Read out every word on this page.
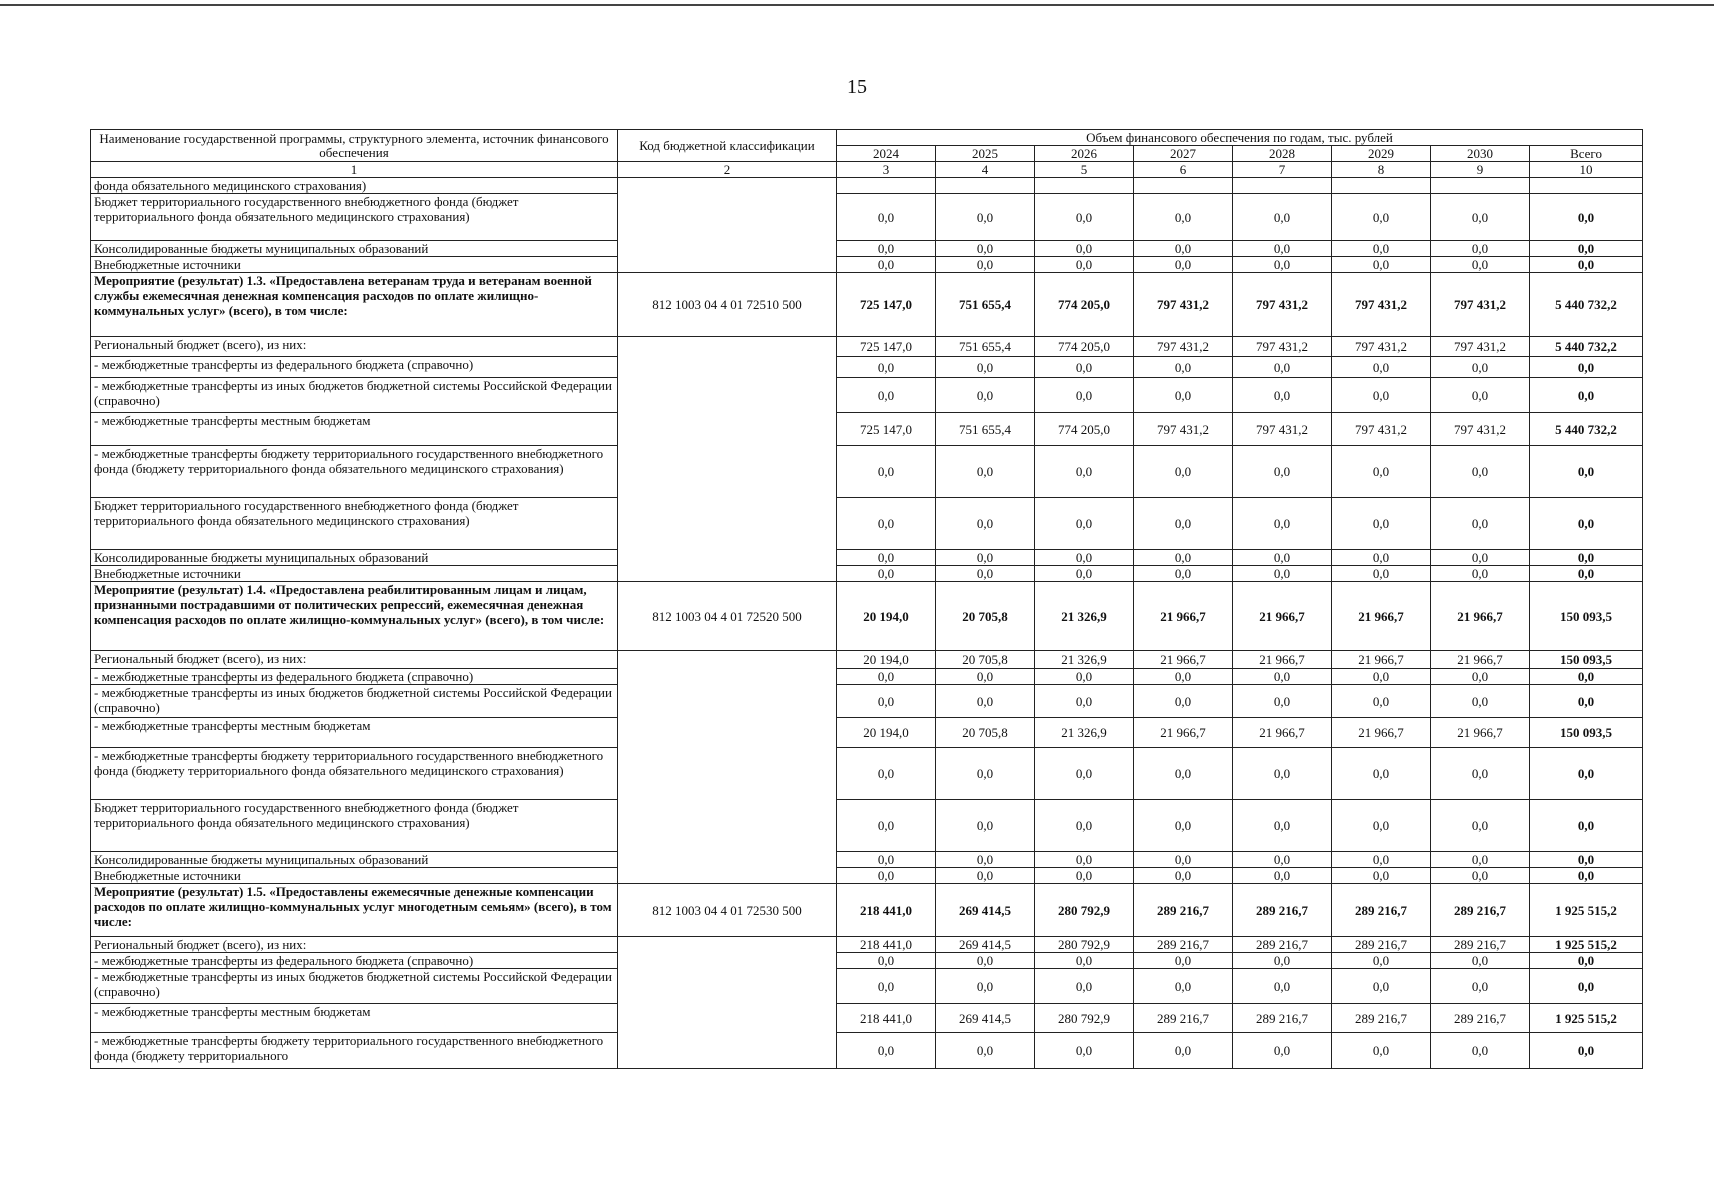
15
Наименование государственной программы, структурного элемента, источник финансового обеспечения	Код бюджетной классификации	Объем финансового обеспечения по годам, тыс. рублей							
		2024	2025	2026	2027	2028	2029	2030	Всего
1	2	3	4	5	6	7	8	9	10
фонда обязательного медицинского страхования)									
Бюджет территориального государственного внебюджетного фонда (бюджет территориального фонда обязательного медицинского страхования)		0,0	0,0	0,0	0,0	0,0	0,0	0,0	0,0
Консолидированные бюджеты муниципальных образований		0,0	0,0	0,0	0,0	0,0	0,0	0,0	0,0
Внебюджетные источники		0,0	0,0	0,0	0,0	0,0	0,0	0,0	0,0
Мероприятие (результат) 1.3. «Предоставлена ветеранам труда и ветеранам военной службы ежемесячная денежная компенсация расходов по оплате жилищно-коммунальных услуг» (всего), в том числе:	812 1003 04 4 01 72510 500	725 147,0	751 655,4	774 205,0	797 431,2	797 431,2	797 431,2	797 431,2	5 440 732,2
Региональный бюджет (всего), из них:		725 147,0	751 655,4	774 205,0	797 431,2	797 431,2	797 431,2	797 431,2	5 440 732,2
- межбюджетные трансферты из федерального бюджета (справочно)		0,0	0,0	0,0	0,0	0,0	0,0	0,0	0,0
- межбюджетные трансферты из иных бюджетов бюджетной системы Российской Федерации (справочно)		0,0	0,0	0,0	0,0	0,0	0,0	0,0	0,0
- межбюджетные трансферты местным бюджетам		725 147,0	751 655,4	774 205,0	797 431,2	797 431,2	797 431,2	797 431,2	5 440 732,2
- межбюджетные трансферты бюджету территориального государственного внебюджетного фонда (бюджету территориального фонда обязательного медицинского страхования)		0,0	0,0	0,0	0,0	0,0	0,0	0,0	0,0
Бюджет территориального государственного внебюджетного фонда (бюджет территориального фонда обязательного медицинского страхования)		0,0	0,0	0,0	0,0	0,0	0,0	0,0	0,0
Консолидированные бюджеты муниципальных образований		0,0	0,0	0,0	0,0	0,0	0,0	0,0	0,0
Внебюджетные источники		0,0	0,0	0,0	0,0	0,0	0,0	0,0	0,0
Мероприятие (результат) 1.4. «Предоставлена реабилитированным лицам и лицам, признанными пострадавшими от политических репрессий, ежемесячная денежная компенсация расходов по оплате жилищно-коммунальных услуг» (всего), в том числе:	812 1003 04 4 01 72520 500	20 194,0	20 705,8	21 326,9	21 966,7	21 966,7	21 966,7	21 966,7	150 093,5
Региональный бюджет (всего), из них:		20 194,0	20 705,8	21 326,9	21 966,7	21 966,7	21 966,7	21 966,7	150 093,5
- межбюджетные трансферты из федерального бюджета (справочно)		0,0	0,0	0,0	0,0	0,0	0,0	0,0	0,0
- межбюджетные трансферты из иных бюджетов бюджетной системы Российской Федерации (справочно)		0,0	0,0	0,0	0,0	0,0	0,0	0,0	0,0
- межбюджетные трансферты местным бюджетам		20 194,0	20 705,8	21 326,9	21 966,7	21 966,7	21 966,7	21 966,7	150 093,5
- межбюджетные трансферты бюджету территориального государственного внебюджетного фонда (бюджету территориального фонда обязательного медицинского страхования)		0,0	0,0	0,0	0,0	0,0	0,0	0,0	0,0
Бюджет территориального государственного внебюджетного фонда (бюджет территориального фонда обязательного медицинского страхования)		0,0	0,0	0,0	0,0	0,0	0,0	0,0	0,0
Консолидированные бюджеты муниципальных образований		0,0	0,0	0,0	0,0	0,0	0,0	0,0	0,0
Внебюджетные источники		0,0	0,0	0,0	0,0	0,0	0,0	0,0	0,0
Мероприятие (результат) 1.5. «Предоставлены ежемесячные денежные компенсации расходов по оплате жилищно-коммунальных услуг многодетным семьям» (всего), в том числе:	812 1003 04 4 01 72530 500	218 441,0	269 414,5	280 792,9	289 216,7	289 216,7	289 216,7	289 216,7	1 925 515,2
Региональный бюджет (всего), из них:		218 441,0	269 414,5	280 792,9	289 216,7	289 216,7	289 216,7	289 216,7	1 925 515,2
- межбюджетные трансферты из федерального бюджета (справочно)		0,0	0,0	0,0	0,0	0,0	0,0	0,0	0,0
- межбюджетные трансферты из иных бюджетов бюджетной системы Российской Федерации (справочно)		0,0	0,0	0,0	0,0	0,0	0,0	0,0	0,0
- межбюджетные трансферты местным бюджетам		218 441,0	269 414,5	280 792,9	289 216,7	289 216,7	289 216,7	289 216,7	1 925 515,2
- межбюджетные трансферты бюджету территориального государственного внебюджетного фонда (бюджету территориального		0,0	0,0	0,0	0,0	0,0	0,0	0,0	0,0
